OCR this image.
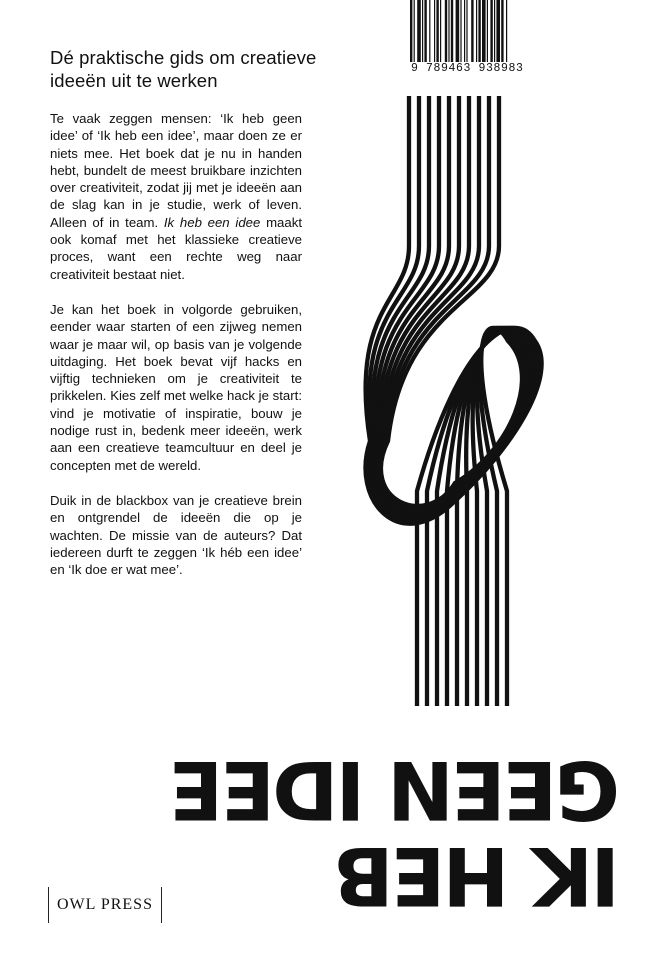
Dé praktische gids om creatieve ideeën uit te werken

Te vaak zeggen mensen: ‘Ik heb geen idee’ of ‘Ik heb een idee’, maar doen ze er niets mee. Het boek dat je nu in handen hebt, bundelt de meest bruikbare inzichten over creativiteit, zodat jij met je ideeën aan de slag kan in je studie, werk of leven. Alleen of in team. Ik heb een idee maakt ook komaf met het klassieke creatieve proces, want een rechte weg naar creativiteit bestaat niet.

Je kan het boek in volgorde gebruiken, eender waar starten of een zijweg nemen waar je maar wil, op basis van je volgende uitdaging. Het boek bevat vijf hacks en vijftig technieken om je creativiteit te prikkelen. Kies zelf met welke hack je start: vind je motivatie of inspiratie, bouw je nodige rust in, bedenk meer ideeën, werk aan een creatieve teamcultuur en deel je concepten met de wereld.

Duik in de blackbox van je creatieve brein en ontgrendel de ideeën die op je wachten. De missie van de auteurs? Dat iedereen durft te zeggen ‘Ik héb een idee’ en ‘Ik doe er wat mee’.

9 789463 938983
IK HEB
GEEN IDEE
OWL PRESS
